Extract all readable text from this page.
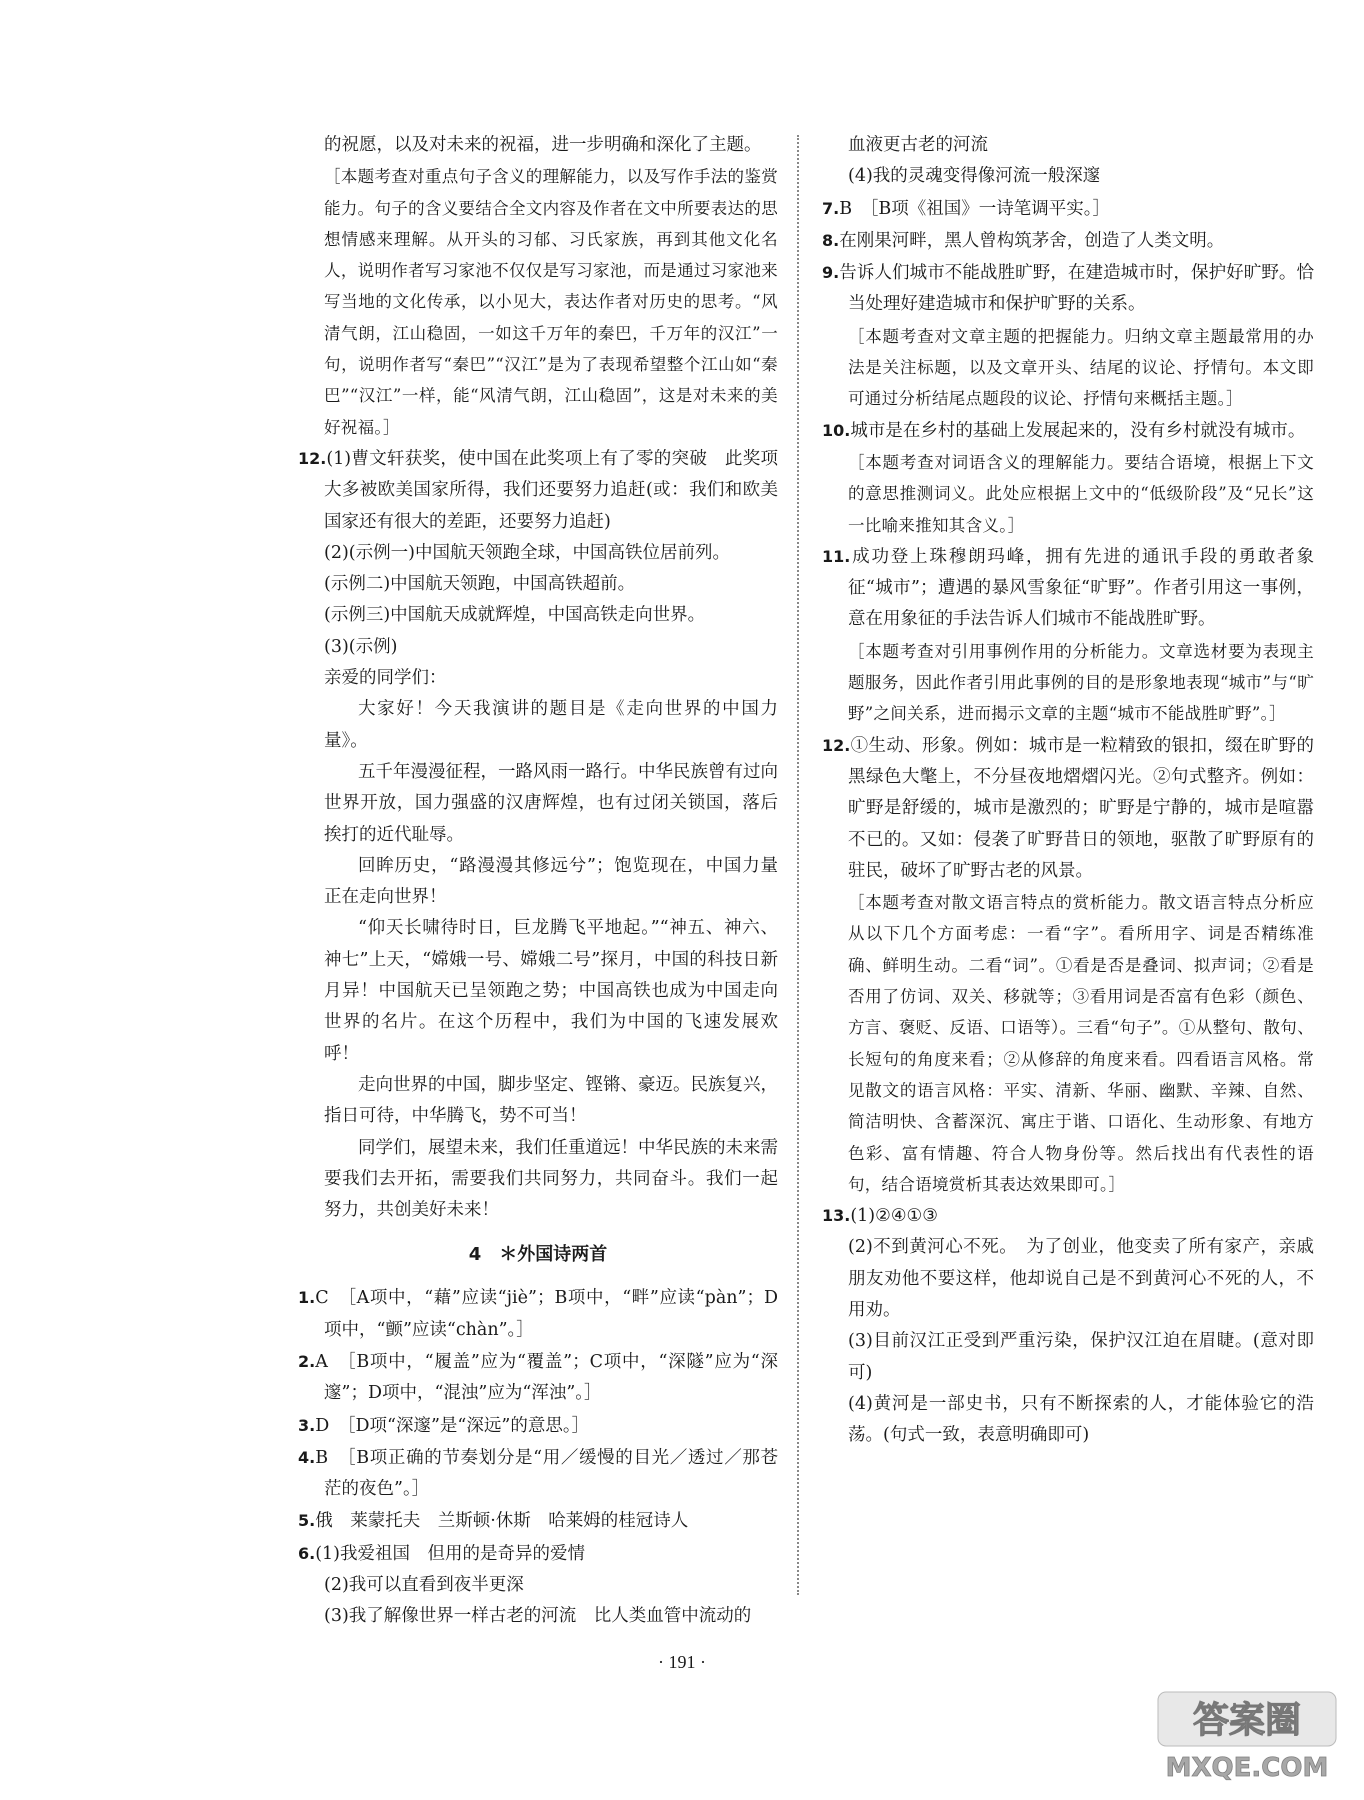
的祝愿，以及对未来的祝福，进一步明确和深化了主题。

［本题考查对重点句子含义的理解能力，以及写作手法的鉴赏能力。句子的含义要结合全文内容及作者在文中所要表达的思想情感来理解。从开头的习郁、习氏家族，再到其他文化名人，说明作者写习家池不仅仅是写习家池，而是通过习家池来写当地的文化传承，以小见大，表达作者对历史的思考。“风清气朗，江山稳固，一如这千万年的秦巴，千万年的汉江”一句，说明作者写“秦巴”“汉江”是为了表现希望整个江山如“秦巴”“汉江”一样，能“风清气朗，江山稳固”，这是对未来的美好祝福。］

12.(1)曹文轩获奖，使中国在此奖项上有了零的突破　此奖项大多被欧美国家所得，我们还要努力追赶(或：我们和欧美国家还有很大的差距，还要努力追赶)

(2)(示例一)中国航天领跑全球，中国高铁位居前列。

(示例二)中国航天领跑，中国高铁超前。

(示例三)中国航天成就辉煌，中国高铁走向世界。

(3)(示例)

亲爱的同学们：

大家好！今天我演讲的题目是《走向世界的中国力量》。

五千年漫漫征程，一路风雨一路行。中华民族曾有过向世界开放，国力强盛的汉唐辉煌，也有过闭关锁国，落后挨打的近代耻辱。

回眸历史，“路漫漫其修远兮”；饱览现在，中国力量正在走向世界！

“仰天长啸待时日，巨龙腾飞平地起。”“神五、神六、神七”上天，“嫦娥一号、嫦娥二号”探月，中国的科技日新月异！中国航天已呈领跑之势；中国高铁也成为中国走向世界的名片。在这个历程中，我们为中国的飞速发展欢呼！

走向世界的中国，脚步坚定、铿锵、豪迈。民族复兴，指日可待，中华腾飞，势不可当！

同学们，展望未来，我们任重道远！中华民族的未来需要我们去开拓，需要我们共同努力，共同奋斗。我们一起努力，共创美好未来！

4　＊外国诗两首

1.C　［A项中，“藉”应读“jiè”；B项中，“畔”应读“pàn”；D项中，“颤”应读“chàn”。］

2.A　［B项中，“履盖”应为“覆盖”；C项中，“深隧”应为“深邃”；D项中，“混浊”应为“浑浊”。］

3.D　［D项“深邃”是“深远”的意思。］

4.B　［B项正确的节奏划分是“用／缓慢的目光／透过／那苍茫的夜色”。］

5.俄　莱蒙托夫　兰斯顿·休斯　哈莱姆的桂冠诗人

6.(1)我爱祖国　但用的是奇异的爱情

(2)我可以直看到夜半更深

(3)我了解像世界一样古老的河流　比人类血管中流动的

血液更古老的河流

(4)我的灵魂变得像河流一般深邃

7.B　［B项《祖国》一诗笔调平实。］

8.在刚果河畔，黑人曾构筑茅舍，创造了人类文明。

9.告诉人们城市不能战胜旷野，在建造城市时，保护好旷野。恰当处理好建造城市和保护旷野的关系。

［本题考查对文章主题的把握能力。归纳文章主题最常用的办法是关注标题，以及文章开头、结尾的议论、抒情句。本文即可通过分析结尾点题段的议论、抒情句来概括主题。］

10.城市是在乡村的基础上发展起来的，没有乡村就没有城市。

［本题考查对词语含义的理解能力。要结合语境，根据上下文的意思推测词义。此处应根据上文中的“低级阶段”及“兄长”这一比喻来推知其含义。］

11.成功登上珠穆朗玛峰，拥有先进的通讯手段的勇敢者象征“城市”；遭遇的暴风雪象征“旷野”。作者引用这一事例，意在用象征的手法告诉人们城市不能战胜旷野。

［本题考查对引用事例作用的分析能力。文章选材要为表现主题服务，因此作者引用此事例的目的是形象地表现“城市”与“旷野”之间关系，进而揭示文章的主题“城市不能战胜旷野”。］

12.①生动、形象。例如：城市是一粒精致的银扣，缀在旷野的黑绿色大氅上，不分昼夜地熠熠闪光。②句式整齐。例如：旷野是舒缓的，城市是激烈的；旷野是宁静的，城市是喧嚣不已的。又如：侵袭了旷野昔日的领地，驱散了旷野原有的驻民，破坏了旷野古老的风景。

［本题考查对散文语言特点的赏析能力。散文语言特点分析应从以下几个方面考虑：一看“字”。看所用字、词是否精练准确、鲜明生动。二看“词”。①看是否是叠词、拟声词；②看是否用了仿词、双关、移就等；③看用词是否富有色彩（颜色、方言、褒贬、反语、口语等）。三看“句子”。①从整句、散句、长短句的角度来看；②从修辞的角度来看。四看语言风格。常见散文的语言风格：平实、清新、华丽、幽默、辛辣、自然、简洁明快、含蓄深沉、寓庄于谐、口语化、生动形象、有地方色彩、富有情趣、符合人物身份等。然后找出有代表性的语句，结合语境赏析其表达效果即可。］

13.(1)②④①③

(2)不到黄河心不死。　为了创业，他变卖了所有家产，亲戚朋友劝他不要这样，他却说自己是不到黄河心不死的人，不用劝。

(3)目前汉江正受到严重污染，保护汉江迫在眉睫。(意对即可)

(4)黄河是一部史书，只有不断探索的人，才能体验它的浩荡。(句式一致，表意明确即可)

· 191 ·
答案圈
MXQE.COM
